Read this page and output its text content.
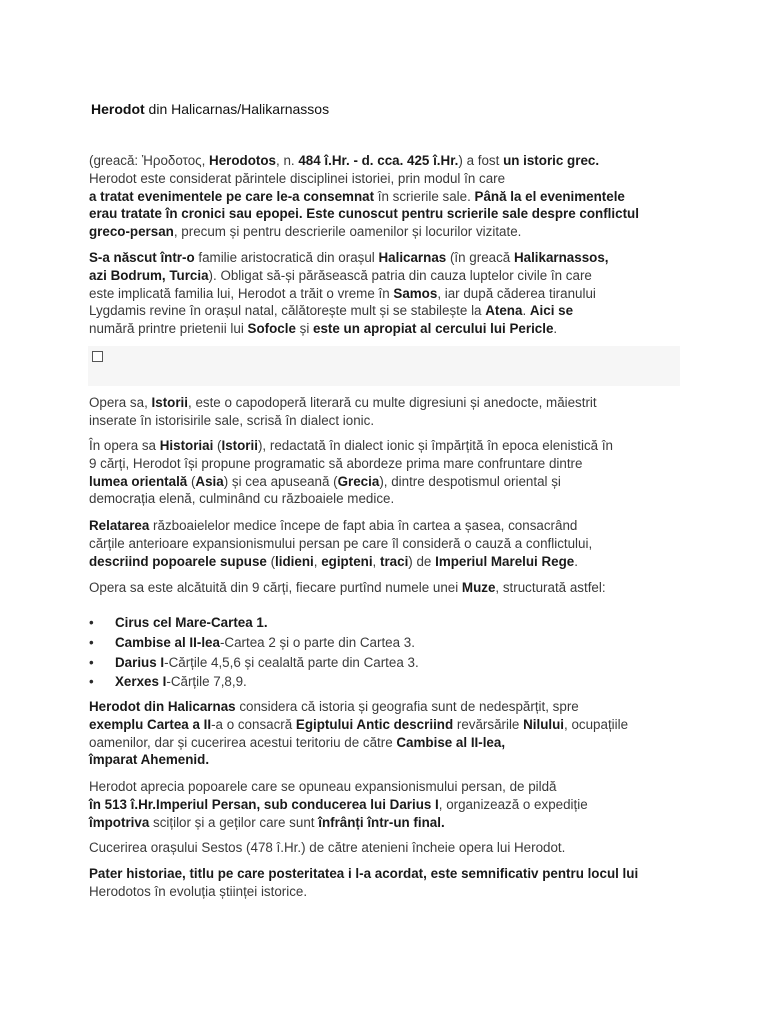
Herodot din Halicarnas/Halikarnassos
(greacă: Ἡροδοτος, Herodotos, n. 484 î.Hr. - d. cca. 425 î.Hr.) a fost un istoric grec.
Herodot este considerat părintele disciplinei istoriei, prin modul în care
a tratat evenimentele pe care le-a consemnat în scrierile sale. Până la el evenimentele
erau tratate în cronici sau epopei. Este cunoscut pentru scrierile sale despre conflictul
greco-persan, precum și pentru descrierile oamenilor și locurilor vizitate.
S-a născut într-o familie aristocratică din orașul Halicarnas (în greacă Halikarnassos,
azi Bodrum, Turcia). Obligat să-și părăsească patria din cauza luptelor civile în care
este implicată familia lui, Herodot a trăit o vreme în Samos, iar după căderea tiranului
Lygdamis revine în orașul natal, călătorește mult și se stabilește la Atena. Aici se
numără printre prietenii lui Sofocle și este un apropiat al cercului lui Pericle.
Opera sa, Istorii, este o capodoperă literară cu multe digresiuni și anedocte, măiestrit
inserate în istorisirile sale, scrisă în dialect ionic.
În opera sa Historiai (Istorii), redactată în dialect ionic și împărțită în epoca elenistică în
9 cărți, Herodot își propune programatic să abordeze prima mare confruntare dintre
lumea orientală (Asia) și cea apuseană (Grecia), dintre despotismul oriental și
democrația elenă, culminând cu războaiele medice.
Relatarea războaielelor medice începe de fapt abia în cartea a șasea, consacrând
cărțile anterioare expansionismului persan pe care îl consideră o cauză a conflictului,
descriind popoarele supuse (lidieni, egipteni, traci) de Imperiul Marelui Rege.
Opera sa este alcătuită din 9 cărți, fiecare purtînd numele unei Muze, structurată astfel:
• Cirus cel Mare-Cartea 1.
• Cambise al II-lea-Cartea 2 și o parte din Cartea 3.
• Darius I-Cărțile 4,5,6 și cealaltă parte din Cartea 3.
• Xerxes I-Cărțile 7,8,9.
Herodot din Halicarnas considera că istoria și geografia sunt de nedespărțit, spre
exemplu Cartea a II-a o consacră Egiptului Antic descriind revărsările Nilului, ocupațiile
oamenilor, dar și cucerirea acestui teritoriu de către Cambise al II-lea,
împarat Ahemenid.
Herodot aprecia popoarele care se opuneau expansionismului persan, de pildă
în 513 î.Hr.Imperiul Persan, sub conducerea lui Darius I, organizează o expediție
împotriva sciților și a geților care sunt înfrânți într-un final.
Cucerirea orașului Sestos (478 î.Hr.) de către atenieni încheie opera lui Herodot.
Pater historiae, titlu pe care posteritatea i l-a acordat, este semnificativ pentru locul lui
Herodotos în evoluția științei istorice.
